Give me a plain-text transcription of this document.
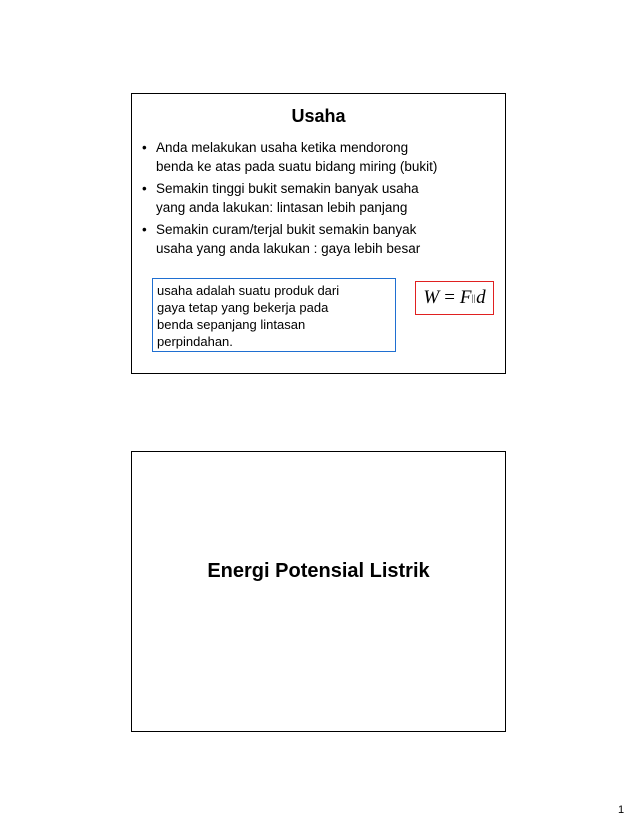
Usaha
• Anda melakukan usaha ketika mendorong
benda ke atas pada suatu bidang miring (bukit)
• Semakin tinggi bukit semakin banyak usaha
yang anda lakukan: lintasan lebih panjang
• Semakin curam/terjal bukit semakin banyak
usaha yang anda lakukan : gaya lebih besar
usaha adalah suatu produk dari
gaya tetap yang bekerja pada
benda sepanjang lintasan
perpindahan.
W = F || d
Energi Potensial Listrik
1
